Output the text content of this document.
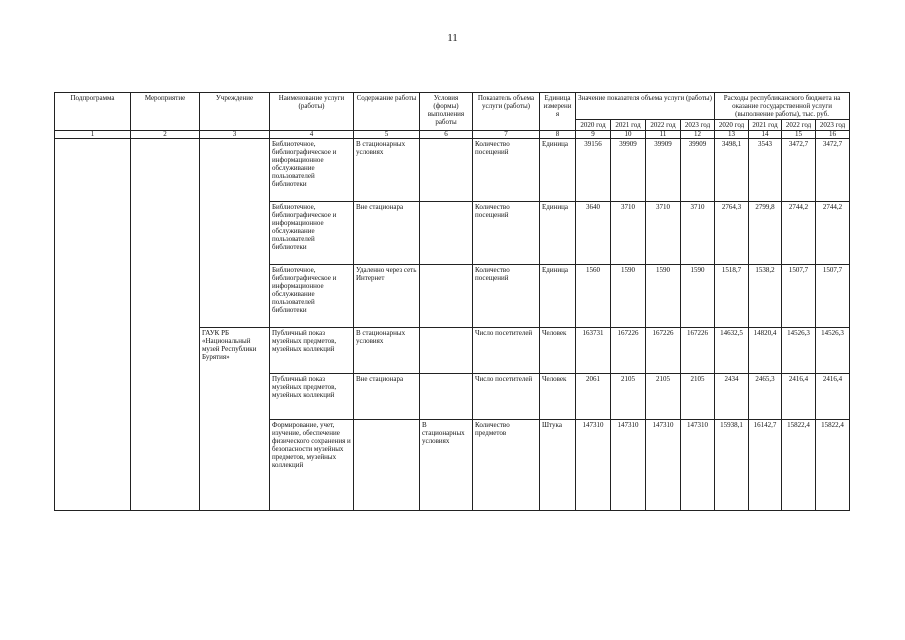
11
Подпрограмма	Мероприятие	Учреждение	Наименование услуги (работы)	Содержание работы	Условия (формы) выполнения работы	Показатель объема услуги (работы)	Единица измерения	Значение показателя объема услуги (работы)				Расходы республиканского бюджета на оказание государственной услуги (выполнение работы), тыс. руб.			
								2020 год	2021 год	2022 год	2023 год	2020 год	2021 год	2022 год	2023 год
1	2	3	4	5	6	7	8	9	10	11	12	13	14	15	16
			Библиотечное, библиографическое и информационное обслуживание пользователей библиотеки	В стационарных условиях		Количество посещений	Единица	39156	39909	39909	39909	3498,1	3543	3472,7	3472,7
			Библиотечное, библиографическое и информационное обслуживание пользователей библиотеки	Вне стационара		Количество посещений	Единица	3640	3710	3710	3710	2764,3	2799,8	2744,2	2744,2
			Библиотечное, библиографическое и информационное обслуживание пользователей библиотеки	Удаленно через сеть Интернет		Количество посещений	Единица	1560	1590	1590	1590	1518,7	1538,2	1507,7	1507,7
		ГАУК РБ «Национальный музей Республики Бурятия»	Публичный показ музейных предметов, музейных коллекций	В стационарных условиях		Число посетителей	Человек	163731	167226	167226	167226	14632,5	14820,4	14526,3	14526,3
			Публичный показ музейных предметов, музейных коллекций	Вне стационара		Число посетителей	Человек	2061	2105	2105	2105	2434	2465,3	2416,4	2416,4
			Формирование, учет, изучение, обеспечение физического сохранения и безопасности музейных предметов, музейных коллекций		В стационарных условиях	Количество предметов	Штука	147310	147310	147310	147310	15938,1	16142,7	15822,4	15822,4
